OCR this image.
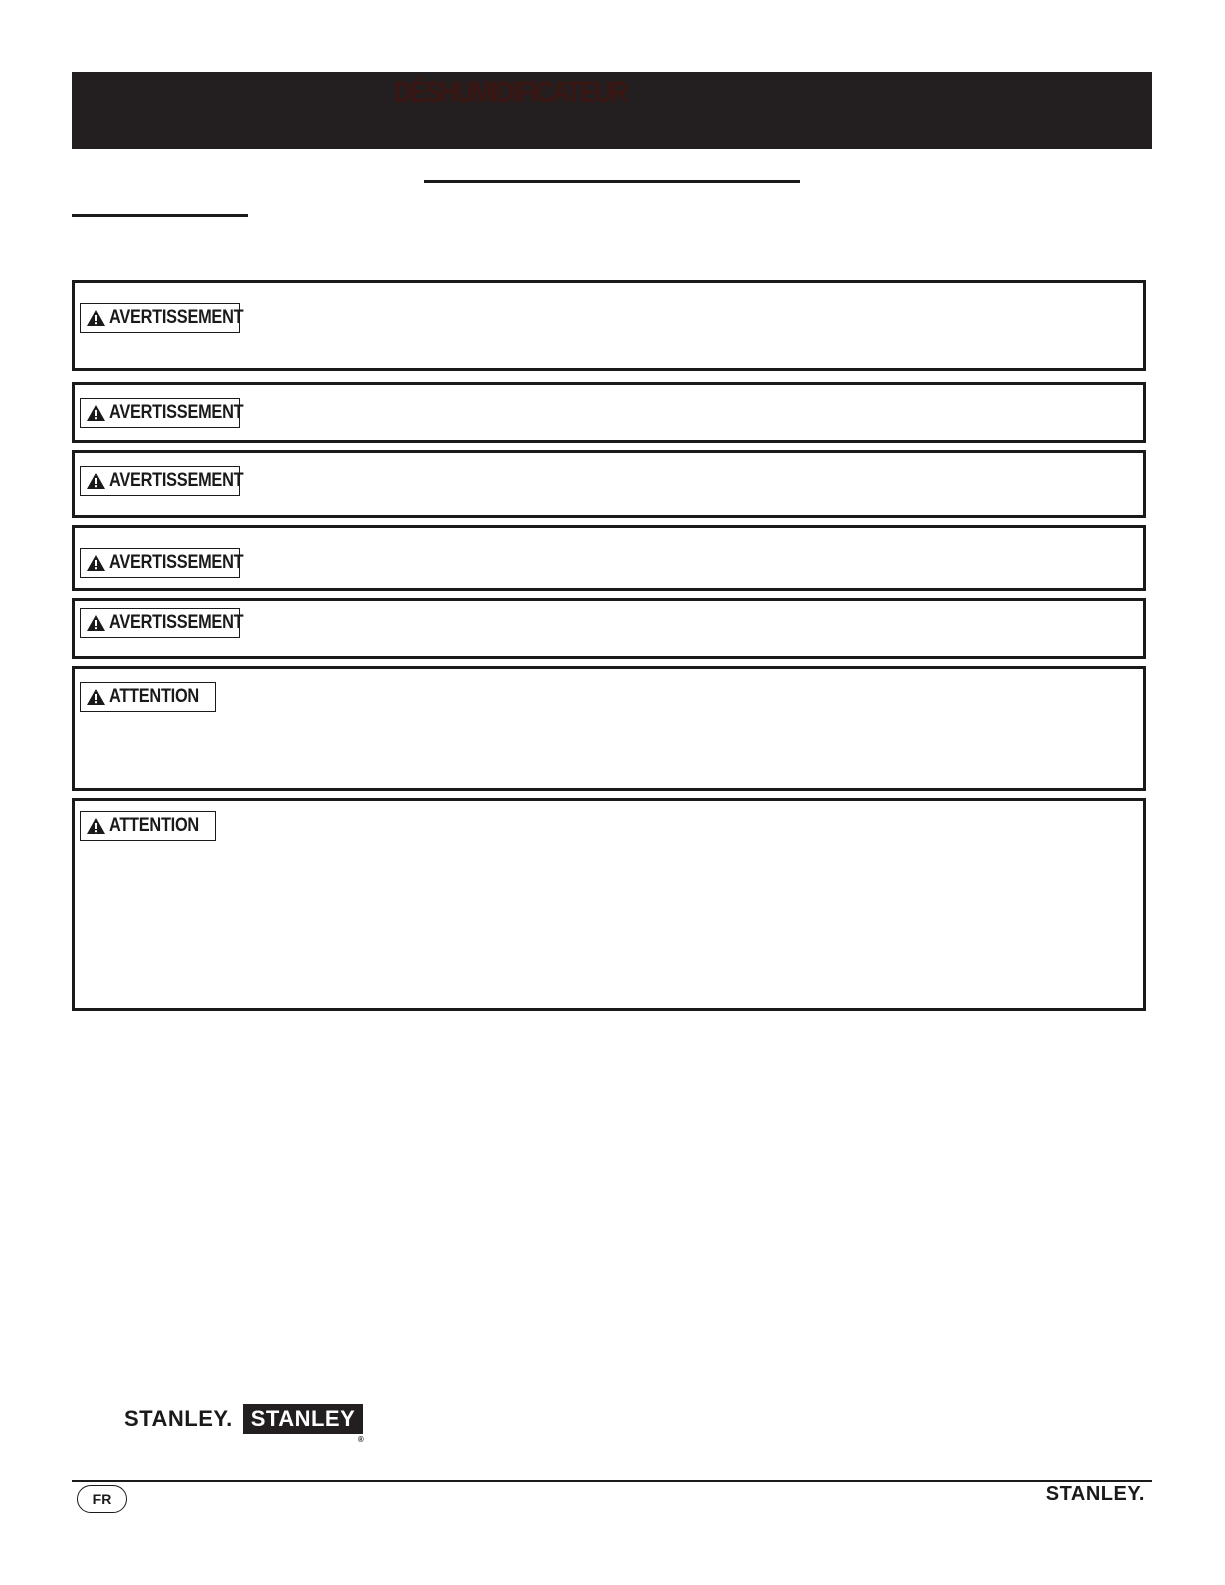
DÉSHUMIDIFICATEUR
AVERTISSEMENT
AVERTISSEMENT
AVERTISSEMENT
AVERTISSEMENT
AVERTISSEMENT
ATTENTION
ATTENTION
STANLEY. STANLEY
®
FR	STANLEY.
